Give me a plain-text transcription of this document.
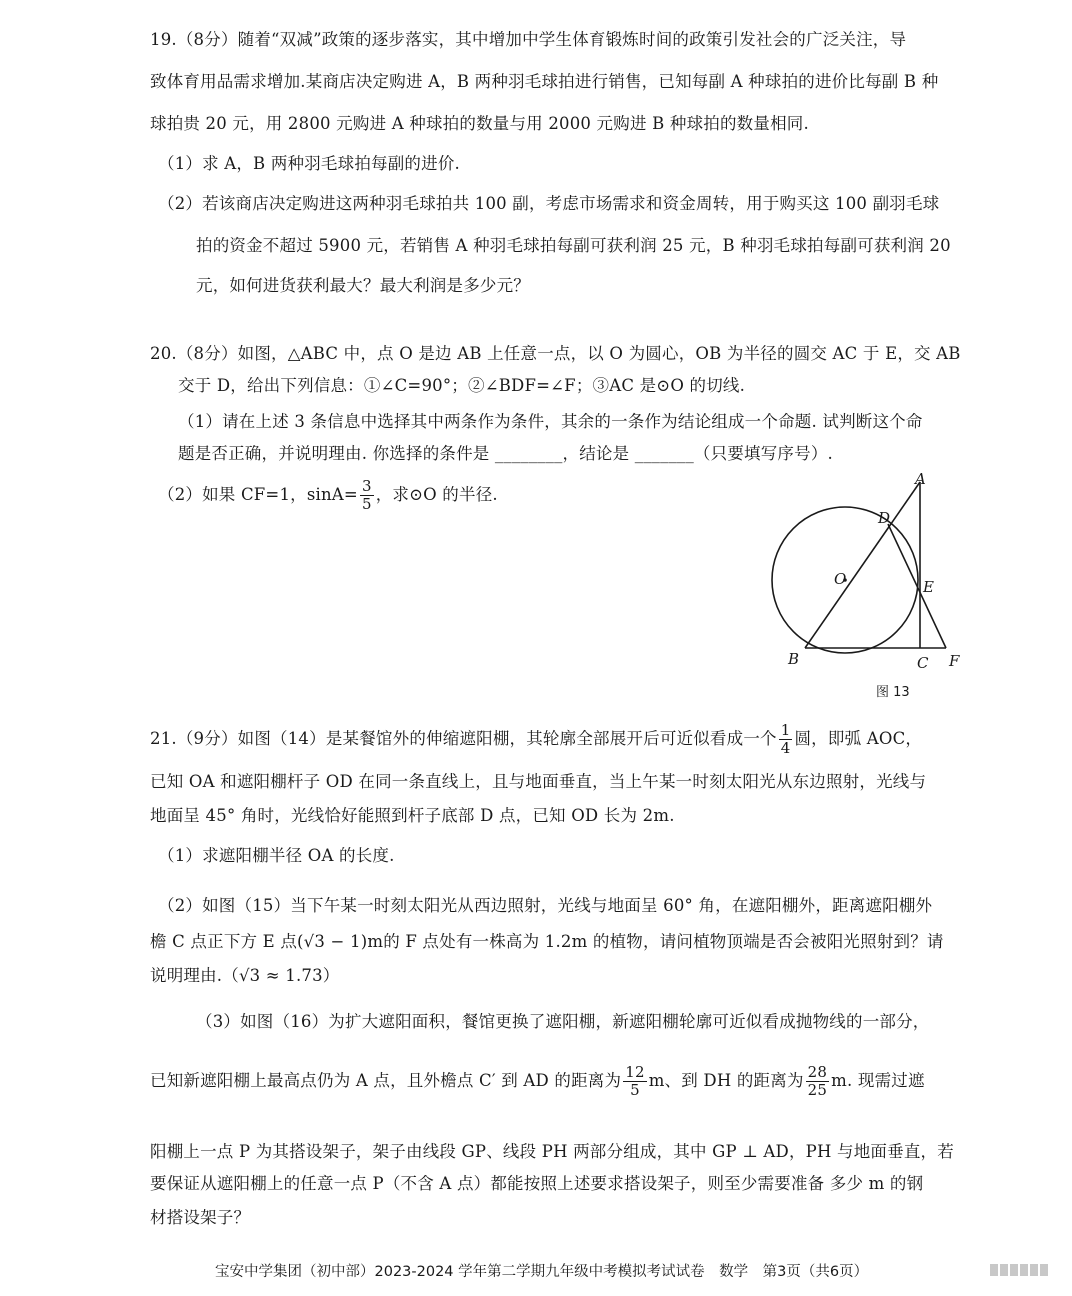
19.（8分）随着“双减”政策的逐步落实，其中增加中学生体育锻炼时间的政策引发社会的广泛关注，导

致体育用品需求增加.某商店决定购进 A，B 两种羽毛球拍进行销售，已知每副 A 种球拍的进价比每副 B 种

球拍贵 20 元，用 2800 元购进 A 种球拍的数量与用 2000 元购进 B 种球拍的数量相同.

（1）求 A，B 两种羽毛球拍每副的进价.

（2）若该商店决定购进这两种羽毛球拍共 100 副，考虑市场需求和资金周转，用于购买这 100 副羽毛球

拍的资金不超过 5900 元，若销售 A 种羽毛球拍每副可获利润 25 元，B 种羽毛球拍每副可获利润 20

元，如何进货获利最大？最大利润是多少元？

20.（8分）如图，△ABC 中，点 O 是边 AB 上任意一点，以 O 为圆心，OB 为半径的圆交 AC 于 E，交 AB

交于 D，给出下列信息：①∠C=90°；②∠BDF=∠F；③AC 是⊙O 的切线.

（1）请在上述 3 条信息中选择其中两条作为条件，其余的一条作为结论组成一个命题. 试判断这个命

题是否正确，并说明理由. 你选择的条件是 ________，结论是 _______（只要填写序号）.

（2）如果 CF=1，$\sin A= \frac{3}{5}$ ，求⊙O 的半径.

A
D
O	E
B	C F
图 13

21.（9分）如图（14）是某餐馆外的伸缩遮阳棚，其轮廓全部展开后可近似看成一个 $\frac{1}{4}$ 圆，即弧 AOC，

已知 OA 和遮阳棚杆子 OD 在同一条直线上，且与地面垂直，当上午某一时刻太阳光从东边照射，光线与

地面呈 45° 角时，光线恰好能照到杆子底部 D 点，已知 OD 长为 2m.

（1）求遮阳棚半径 OA 的长度.

（2）如图（15）当下午某一时刻太阳光从西边照射，光线与地面呈 60° 角，在遮阳棚外，距离遮阳棚外

檐 C 点正下方 E 点(√3 − 1)m的 F 点处有一株高为 1.2m 的植物，请问植物顶端是否会被阳光照射到？请

说明理由.（√3 ≈ 1.73）

（3）如图（16）为扩大遮阳面积，餐馆更换了遮阳棚，新遮阳棚轮廓可近似看成抛物线的一部分，

已知新遮阳棚上最高点仍为 A 点，且外檐点 C′ 到 AD 的距离为 $\frac{12}{5}$ m、到 DH 的距离为 $\frac{28}{25} m$. 现需过遮

阳棚上一点 P 为其搭设架子，架子由线段 GP、线段 PH 两部分组成，其中 GP ⊥ AD，PH 与地面垂直，若

要保证从遮阳棚上的任意一点 P（不含 A 点）都能按照上述要求搭设架子，则至少需要准备 多少 m 的钢

材搭设架子？

宝安中学集团（初中部）2023-2024 学年第二学期九年级中考模拟考试试卷　数学　第3页（共6页）
